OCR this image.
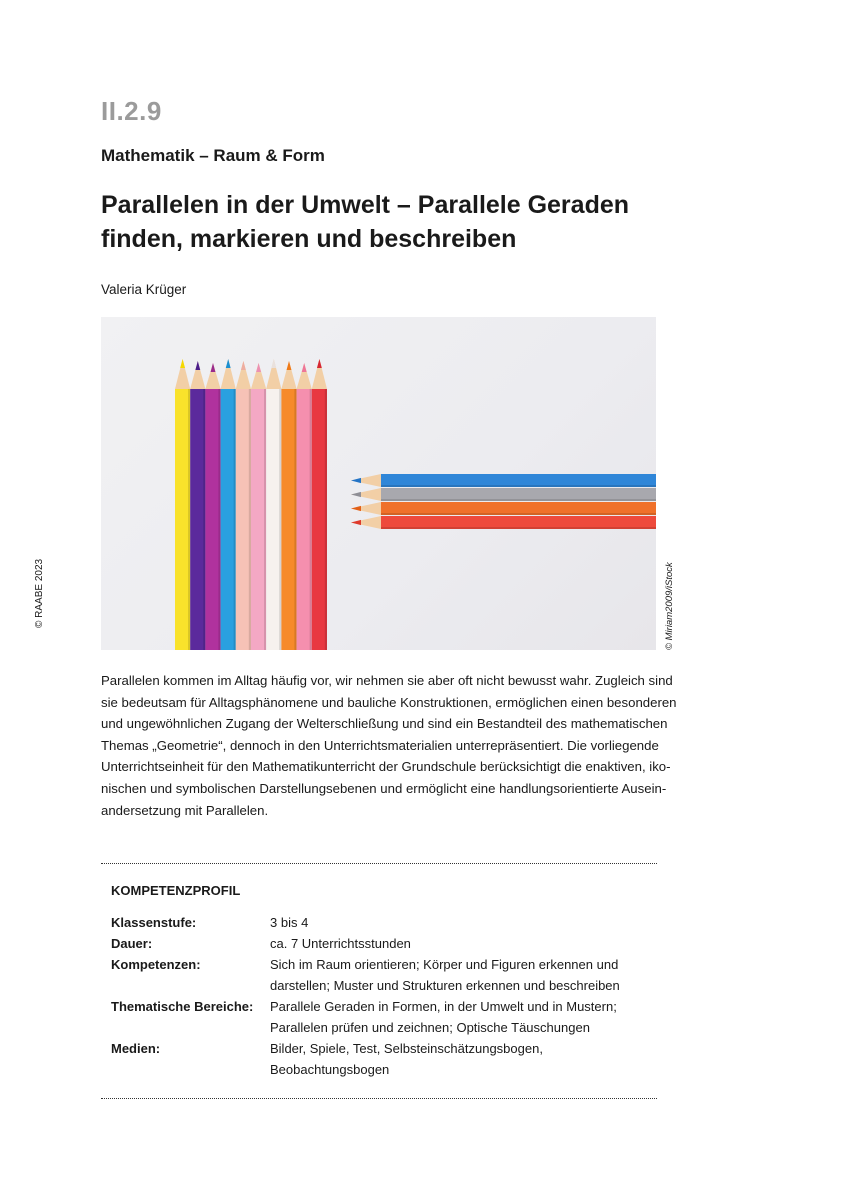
II.2.9
Mathematik – Raum & Form
Parallelen in der Umwelt – Parallele Geraden
finden, markieren und beschreiben
Valeria Krüger
© RAABE 2023	© Miriam2009/iStock
Parallelen kommen im Alltag häufig vor, wir nehmen sie aber oft nicht bewusst wahr. Zugleich sind
sie bedeutsam für Alltagsphänomene und bauliche Konstruktionen, ermöglichen einen besonderen
und ungewöhnlichen Zugang der Welterschließung und sind ein Bestandteil des mathematischen
Themas „Geometrie“, dennoch in den Unterrichtsmaterialien unterrepräsentiert. Die vorliegende
Unterrichtseinheit für den Mathematikunterricht der Grundschule berücksichtigt die enaktiven, iko-
nischen und symbolischen Darstellungsebenen und ermöglicht eine handlungsorientierte Ausein-
andersetzung mit Parallelen.
KOMPETENZPROFIL
Klassenstufe:	3 bis 4
Dauer:	ca. 7 Unterrichtsstunden
Kompetenzen:	Sich im Raum orientieren; Körper und Figuren erkennen und
darstellen; Muster und Strukturen erkennen und beschreiben
Thematische Bereiche:	Parallele Geraden in Formen, in der Umwelt und in Mustern;
Parallelen prüfen und zeichnen; Optische Täuschungen
Medien:	Bilder, Spiele, Test, Selbsteinschätzungsbogen,
Beobachtungsbogen
